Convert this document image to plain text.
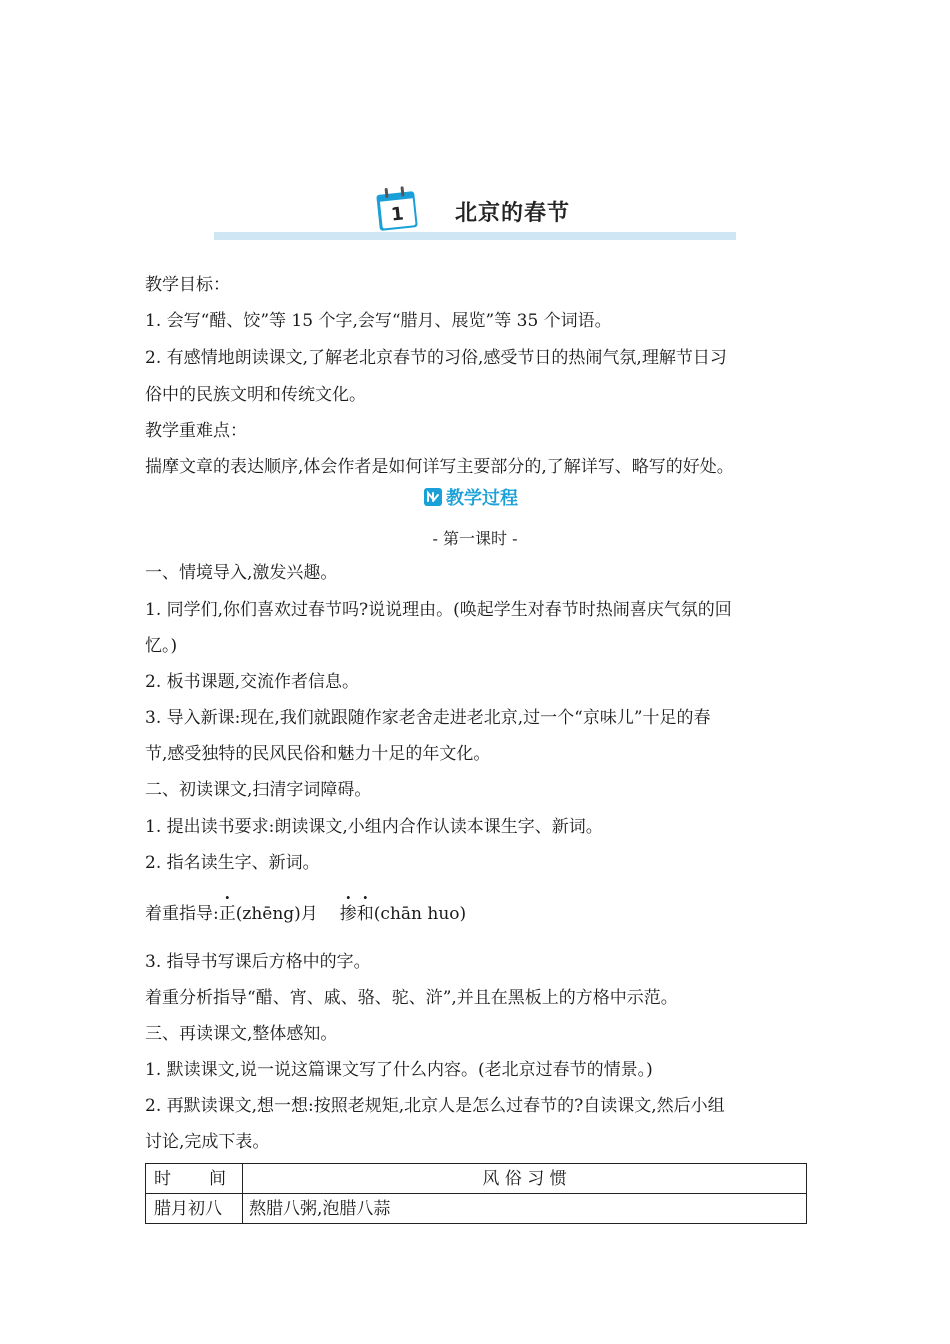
1 北京的春节
教学目标：
1. 会写“醋、饺”等 15 个字,会写“腊月、展览”等 35 个词语。
2. 有感情地朗读课文,了解老北京春节的习俗,感受节日的热闹气氛,理解节日习
俗中的民族文明和传统文化。
教学重难点：
揣摩文章的表达顺序,体会作者是如何详写主要部分的,了解详写、略写的好处。
教学过程
- 第一课时 -
一、情境导入,激发兴趣。
1. 同学们,你们喜欢过春节吗?说说理由。(唤起学生对春节时热闹喜庆气氛的回
忆。)
2. 板书课题,交流作者信息。
3. 导入新课:现在,我们就跟随作家老舍走进老北京,过一个“京味儿”十足的春
节,感受独特的民风民俗和魅力十足的年文化。
二、初读课文,扫清字词障碍。
1. 提出读书要求:朗读课文,小组内合作认读本课生字、新词。
2. 指名读生字、新词。
着重指导:正(zhēng)月 掺和(chān huo)
3. 指导书写课后方格中的字。
着重分析指导“醋、宵、戚、骆、驼、浒”,并且在黑板上的方格中示范。
三、再读课文,整体感知。
1. 默读课文,说一说这篇课文写了什么内容。(老北京过春节的情景。)
2. 再默读课文,想一想:按照老规矩,北京人是怎么过春节的?自读课文,然后小组
讨论,完成下表。
时 间	风 俗 习 惯
腊月初八	熬腊八粥,泡腊八蒜
